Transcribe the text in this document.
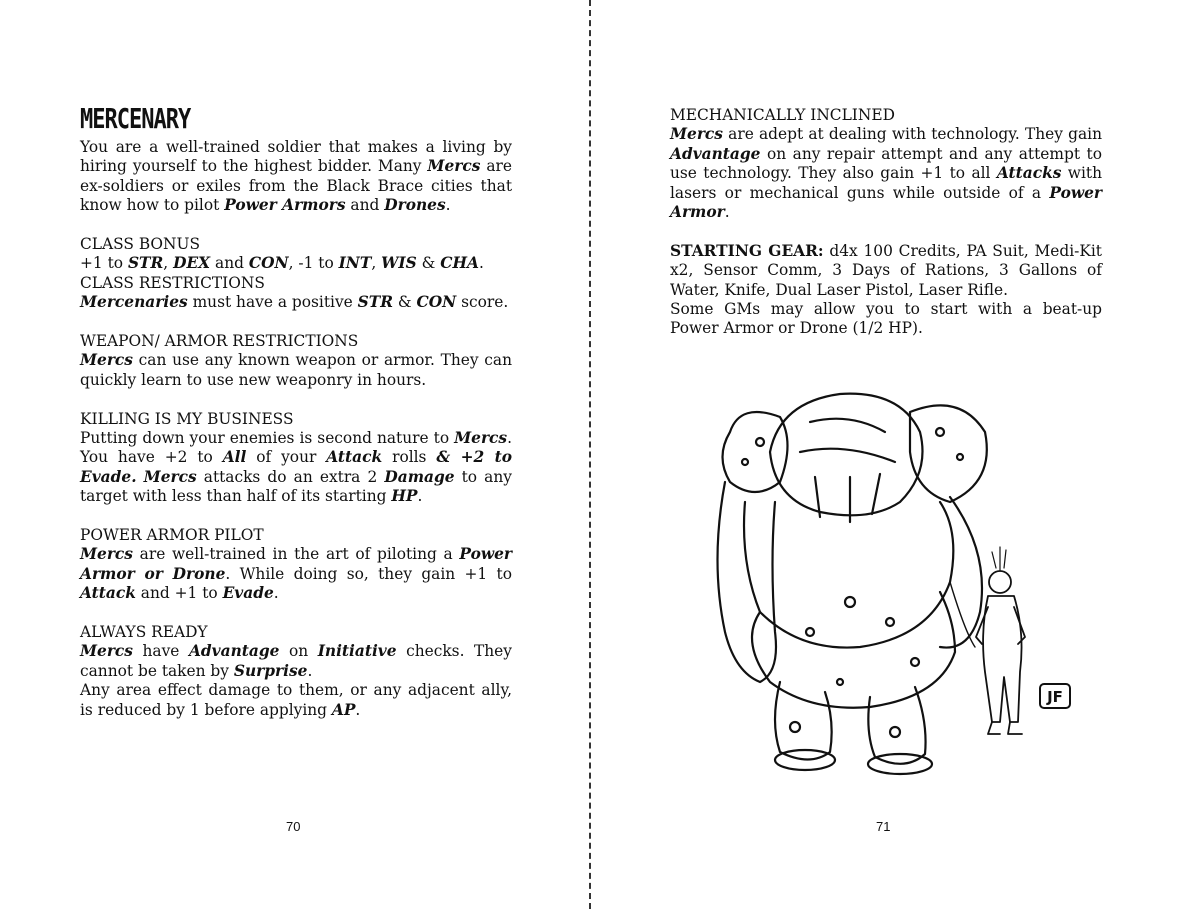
MERCENARY

You are a well-trained soldier that makes a living by hiring yourself to the highest bidder. Many Mercs are ex-soldiers or exiles from the Black Brace cities that know how to pilot Power Armors and Drones.

CLASS BONUS

+1 to STR, DEX and CON, -1 to INT, WIS & CHA.

CLASS RESTRICTIONS

Mercenaries must have a positive STR & CON score.

WEAPON/ ARMOR RESTRICTIONS

Mercs can use any known weapon or armor. They can quickly learn to use new weaponry in hours.

KILLING IS MY BUSINESS

Putting down your enemies is second nature to Mercs. You have +2 to All of your Attack rolls & +2 to Evade. Mercs attacks do an extra 2 Damage to any target with less than half of its starting HP.

POWER ARMOR PILOT

Mercs are well-trained in the art of piloting a Power Armor or Drone. While doing so, they gain +1 to Attack and +1 to Evade.

ALWAYS READY

Mercs have Advantage on Initiative checks. They cannot be taken by Surprise.

Any area effect damage to them, or any adjacent ally, is reduced by 1 before applying AP.

70

MECHANICALLY INCLINED

Mercs are adept at dealing with technology. They gain Advantage on any repair attempt and any attempt to use technology. They also gain +1 to all Attacks with lasers or mechanical guns while outside of a Power Armor.

STARTING GEAR: d4x 100 Credits, PA Suit, Medi-Kit x2, Sensor Comm, 3 Days of Rations, 3 Gallons of Water, Knife, Dual Laser Pistol, Laser Rifle.

Some GMs may allow you to start with a beat-up Power Armor or Drone (1/2 HP).

71
JF
